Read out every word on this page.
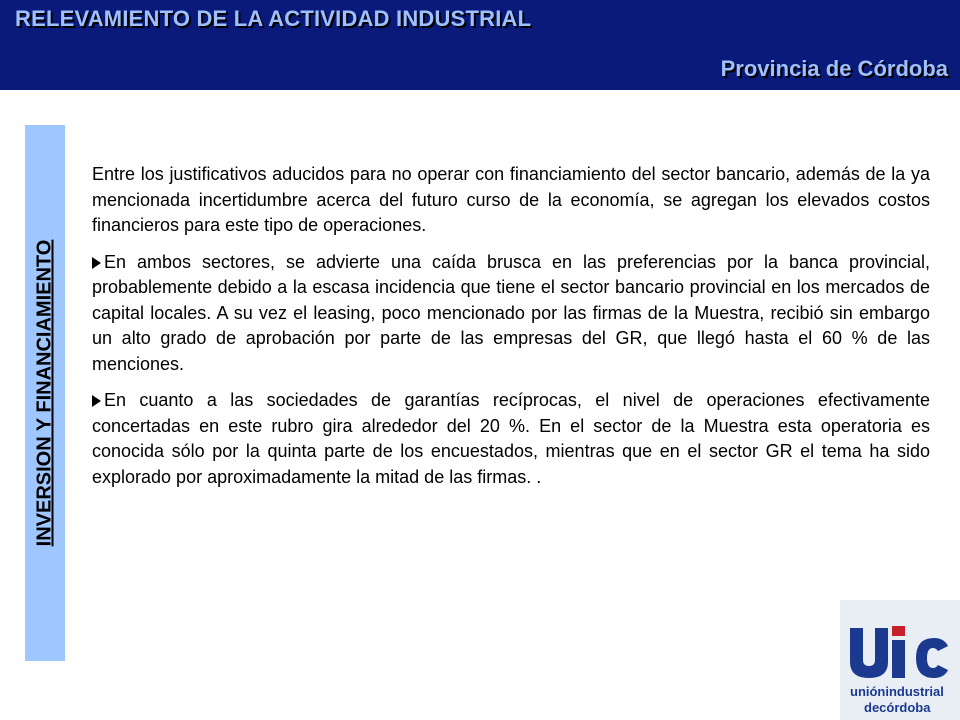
RELEVAMIENTO DE LA ACTIVIDAD INDUSTRIAL
Provincia de Córdoba
INVERSION Y FINANCIAMIENTO

Entre los justificativos aducidos para no operar con financiamiento del sector bancario, además de la ya mencionada incertidumbre acerca del futuro curso de la economía, se agregan los elevados costos financieros para este tipo de operaciones.

En ambos sectores, se advierte una caída brusca en las preferencias por la banca provincial, probablemente debido a la escasa incidencia que tiene el sector bancario provincial en los mercados de capital locales. A su vez el leasing, poco mencionado por las firmas de la Muestra, recibió sin embargo un alto grado de aprobación por parte de las empresas del GR, que llegó hasta el 60 % de las menciones.

En cuanto a las sociedades de garantías recíprocas, el nivel de operaciones efectivamente concertadas en este rubro gira alrededor del 20 %. En el sector de la Muestra esta operatoria es conocida sólo por la quinta parte de los encuestados, mientras que en el sector GR el tema ha sido explorado por aproximadamente la mitad de las firmas. .

uniónindustrial
decórdoba
